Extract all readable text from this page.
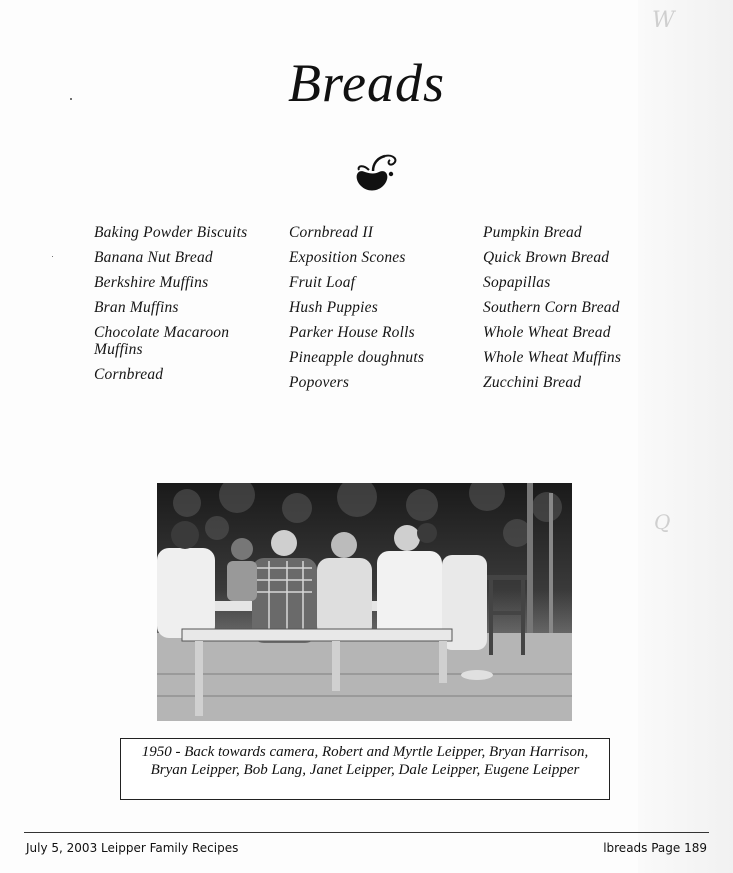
W
Q
Breads
Baking Powder Biscuits
Banana Nut Bread
Berkshire Muffins
Bran Muffins
Chocolate Macaroon Muffins
Cornbread
Cornbread II
Exposition Scones
Fruit Loaf
Hush Puppies
Parker House Rolls
Pineapple doughnuts
Popovers
Pumpkin Bread
Quick Brown Bread
Sopapillas
Southern Corn Bread
Whole Wheat Bread
Whole Wheat Muffins
Zucchini Bread
1950 - Back towards camera, Robert and Myrtle Leipper, Bryan Harrison, Bryan Leipper, Bob Lang, Janet Leipper, Dale Leipper, Eugene Leipper
July 5, 2003 Leipper Family Recipes	lbreads Page 189
